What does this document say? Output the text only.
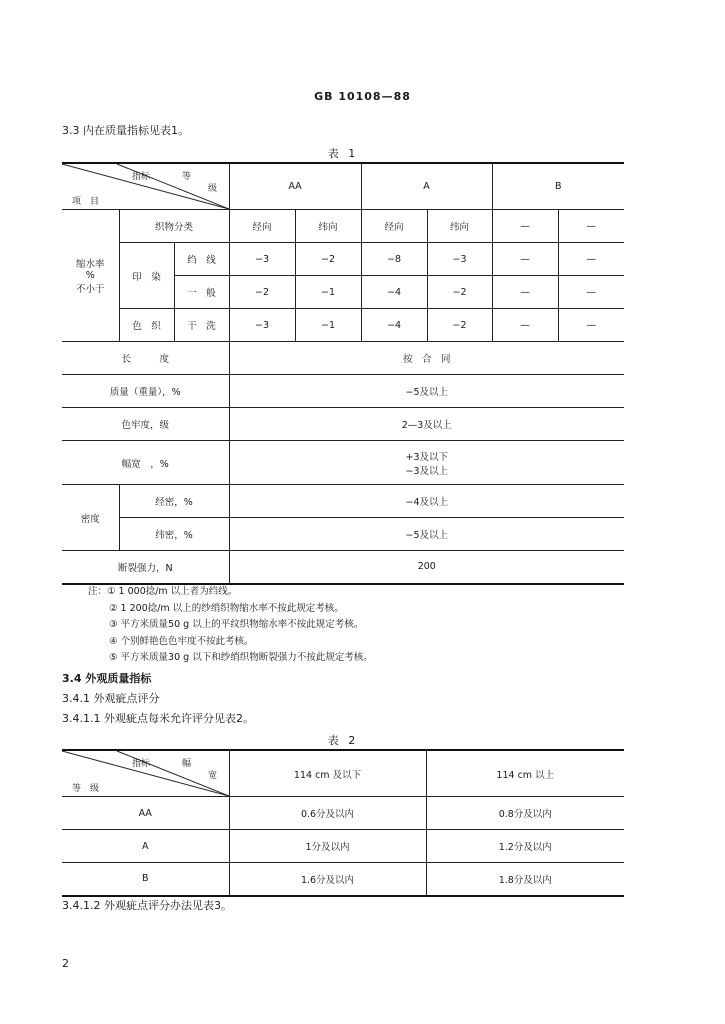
GB 10108—88
3.3 内在质量指标见表1。
表 1
指标 等
级
项　目			AA		A		B	

缩水率
%
不小于	织物分类		经向	纬向	经向	纬向	—	—
	印　染	绉　线	−3	−2	−8	−3	—	—
		一　般	−2	−1	−4	−2	—	—
	色　织	干　洗	−3	−1	−4	−2	—	—
长　　　度			按　合　同					
质量（重量），%			−5及以上					
色牢度，级			2—3及以上					
幅宽　，%			+3及以下
−3及以上					

密度	经密，%		−4及以上					
	纬密，%		−5及以上					
断裂强力，N			200					
注：① 1 000捻/m 以上者为绉线。
② 1 200捻/m 以上的纱绡织物缩水率不按此规定考核。
③ 平方米质量50 g 以上的平纹织物缩水率不按此规定考核。
④ 个别鲜艳色色牢度不按此考核。
⑤ 平方米质量30 g 以下和纱绡织物断裂强力不按此规定考核。
3.4 外观质量指标
3.4.1 外观疵点评分
3.4.1.1 外观疵点每米允许评分见表2。
表 2
指标 幅
宽
等　级	114 cm 及以下	114 cm 以上
AA	0.6分及以内	0.8分及以内
A	1分及以内	1.2分及以内
B	1.6分及以内	1.8分及以内
3.4.1.2 外观疵点评分办法见表3。
2
